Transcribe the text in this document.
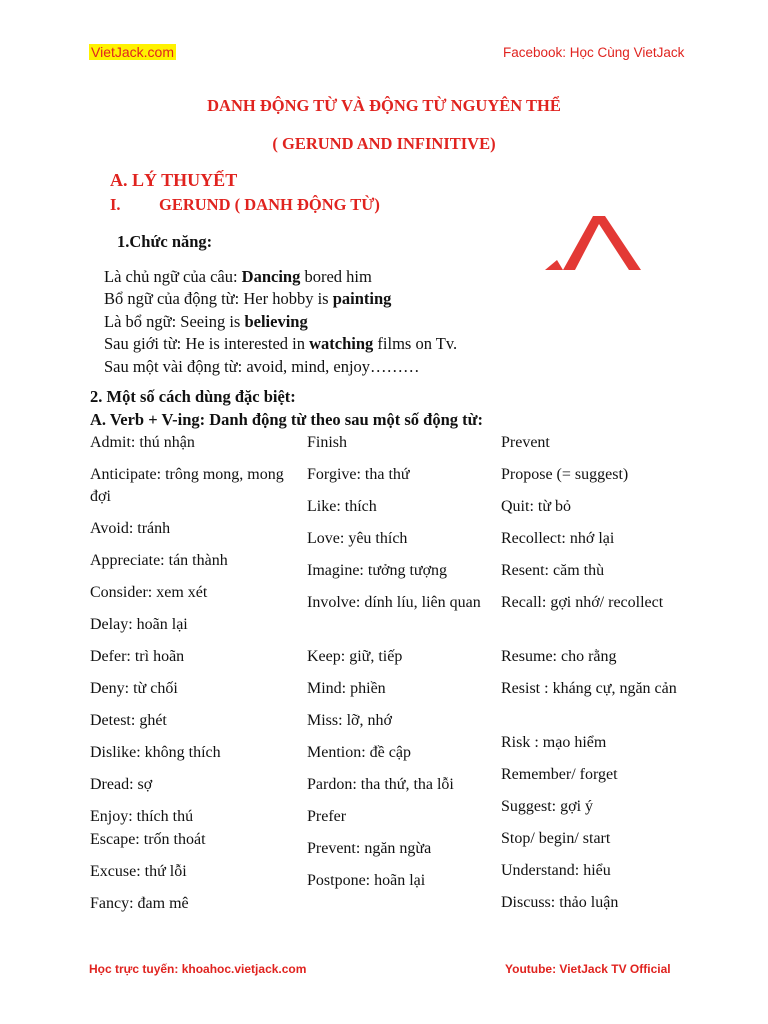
VietJack.com	Facebook: Học Cùng VietJack
DANH ĐỘNG TỪ VÀ ĐỘNG TỪ NGUYÊN THỂ
( GERUND AND INFINITIVE)
A. LÝ THUYẾT
I. GERUND ( DANH ĐỘNG TỪ)
1.Chức năng:
Là chủ ngữ của câu: Dancing bored him
Bổ ngữ của động từ: Her hobby is painting
Là bổ ngữ: Seeing is believing
Sau giới từ: He is interested in watching films on Tv.
Sau một vài động từ: avoid, mind, enjoy………
2. Một số cách dùng đặc biệt:
A. Verb + V-ing: Danh động từ theo sau một số động từ:
Admit: thú nhận
Anticipate: trông mong, mong đợi
Avoid: tránh
Appreciate: tán thành
Consider: xem xét
Delay: hoãn lại
Defer: trì hoãn
Deny: từ chối
Detest: ghét
Dislike: không thích
Dread: sợ
Enjoy: thích thú
Escape: trốn thoát
Excuse: thứ lỗi
Fancy: đam mê
Finish
Forgive: tha thứ
Like: thích
Love: yêu thích
Imagine: tưởng tượng
Involve: dính líu, liên quan
Keep: giữ, tiếp
Mind: phiền
Miss: lỡ, nhớ
Mention: đề cập
Pardon: tha thứ, tha lỗi
Prefer
Prevent: ngăn ngừa
Postpone: hoãn lại
Prevent
Propose (= suggest)
Quit: từ bỏ
Recollect: nhớ lại
Resent: căm thù
Recall: gợi nhớ/ recollect
Resume: cho rằng
Resist : kháng cự, ngăn cản
Risk : mạo hiểm
Remember/ forget
Suggest: gợi ý
Stop/ begin/ start
Understand: hiểu
Discuss: thảo luận
Học trực tuyến: khoahoc.vietjack.com	Youtube: VietJack TV Official
